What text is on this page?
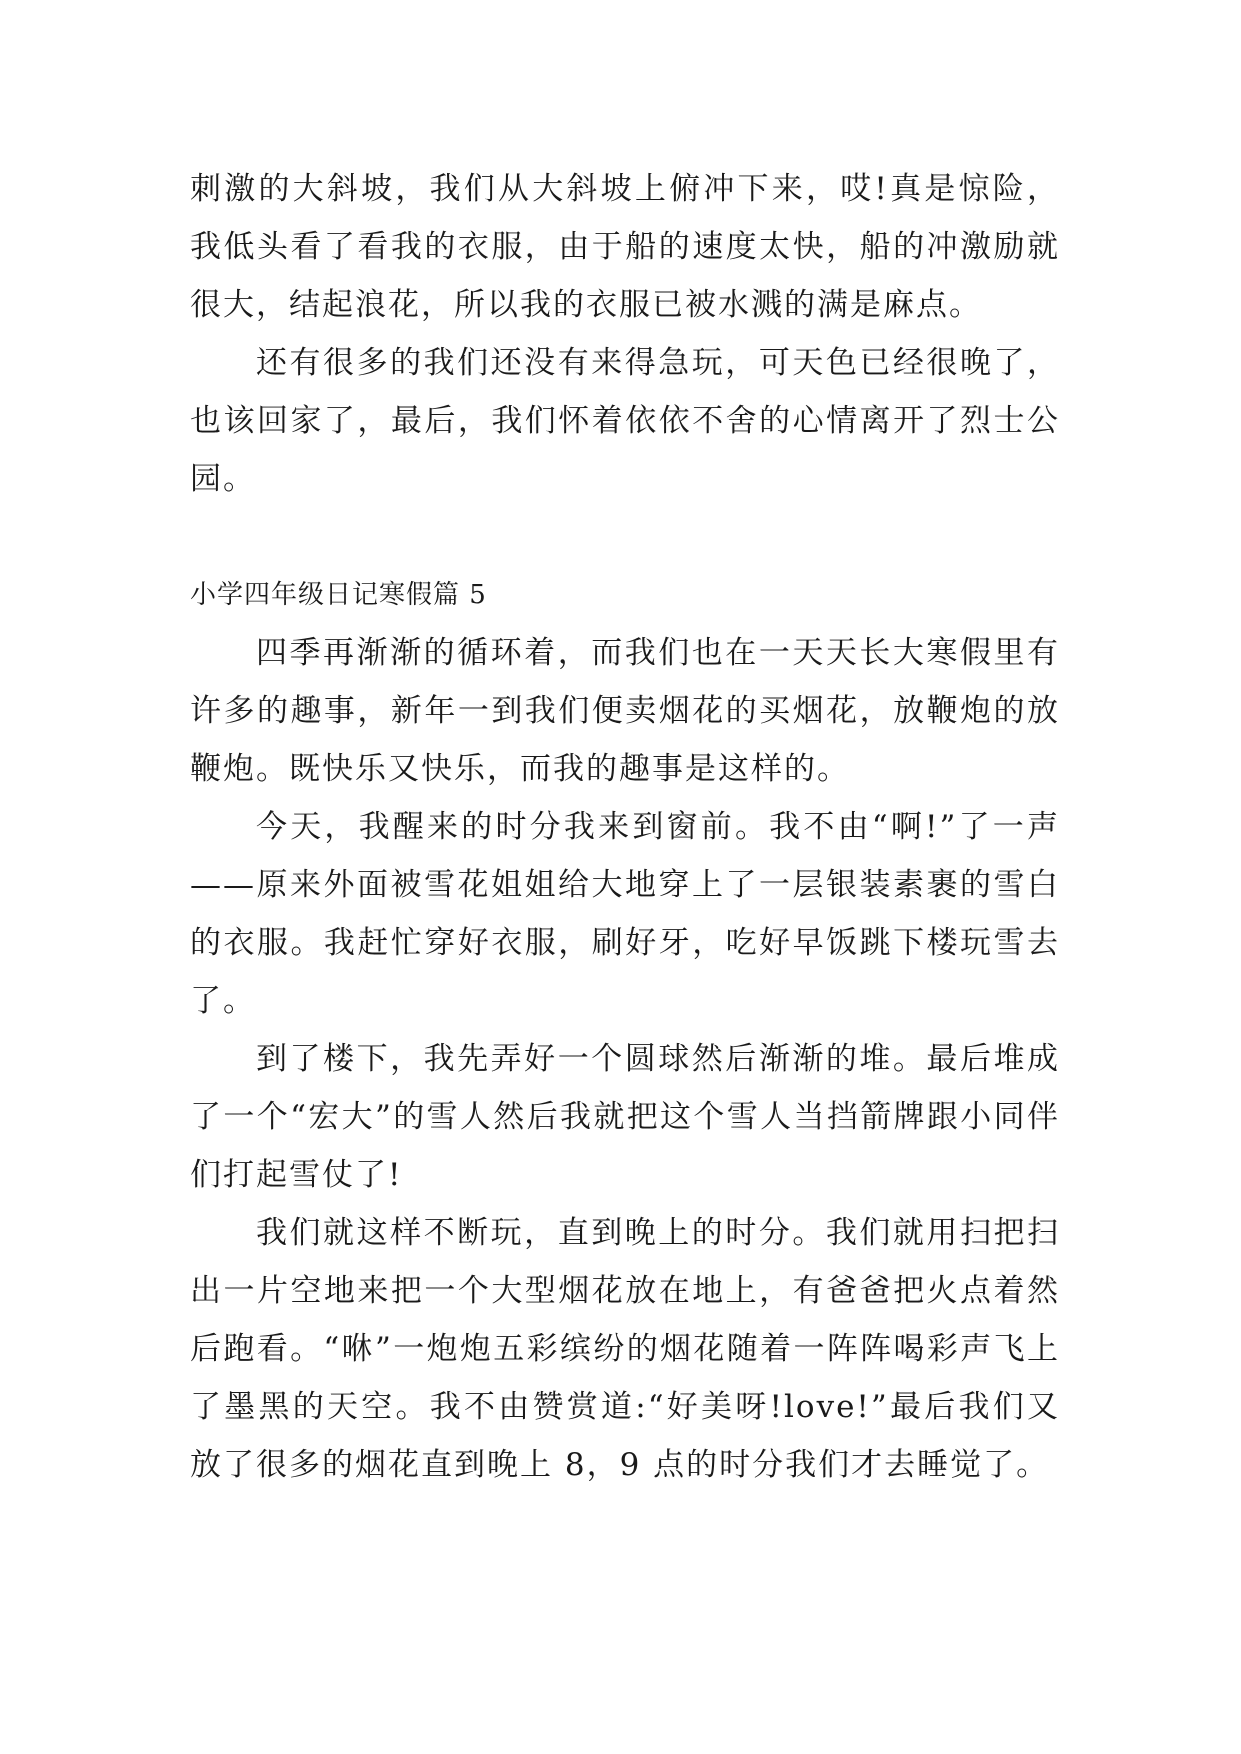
刺激的大斜坡，我们从大斜坡上俯冲下来，哎!真是惊险，我低头看了看我的衣服，由于船的速度太快，船的冲激励就很大，结起浪花，所以我的衣服已被水溅的满是麻点。

还有很多的我们还没有来得急玩，可天色已经很晚了，也该回家了，最后，我们怀着依依不舍的心情离开了烈士公园。

小学四年级日记寒假篇 5

四季再渐渐的循环着，而我们也在一天天长大寒假里有许多的趣事，新年一到我们便卖烟花的买烟花，放鞭炮的放鞭炮。既快乐又快乐，而我的趣事是这样的。

今天，我醒来的时分我来到窗前。我不由“啊!”了一声——原来外面被雪花姐姐给大地穿上了一层银装素裹的雪白的衣服。我赶忙穿好衣服，刷好牙，吃好早饭跳下楼玩雪去了。

到了楼下，我先弄好一个圆球然后渐渐的堆。最后堆成了一个“宏大”的雪人然后我就把这个雪人当挡箭牌跟小同伴们打起雪仗了!

我们就这样不断玩，直到晚上的时分。我们就用扫把扫出一片空地来把一个大型烟花放在地上，有爸爸把火点着然后跑看。“咻”一炮炮五彩缤纷的烟花随着一阵阵喝彩声飞上了墨黑的天空。我不由赞赏道:“好美呀!love!”最后我们又放了很多的烟花直到晚上 8，9 点的时分我们才去睡觉了。
